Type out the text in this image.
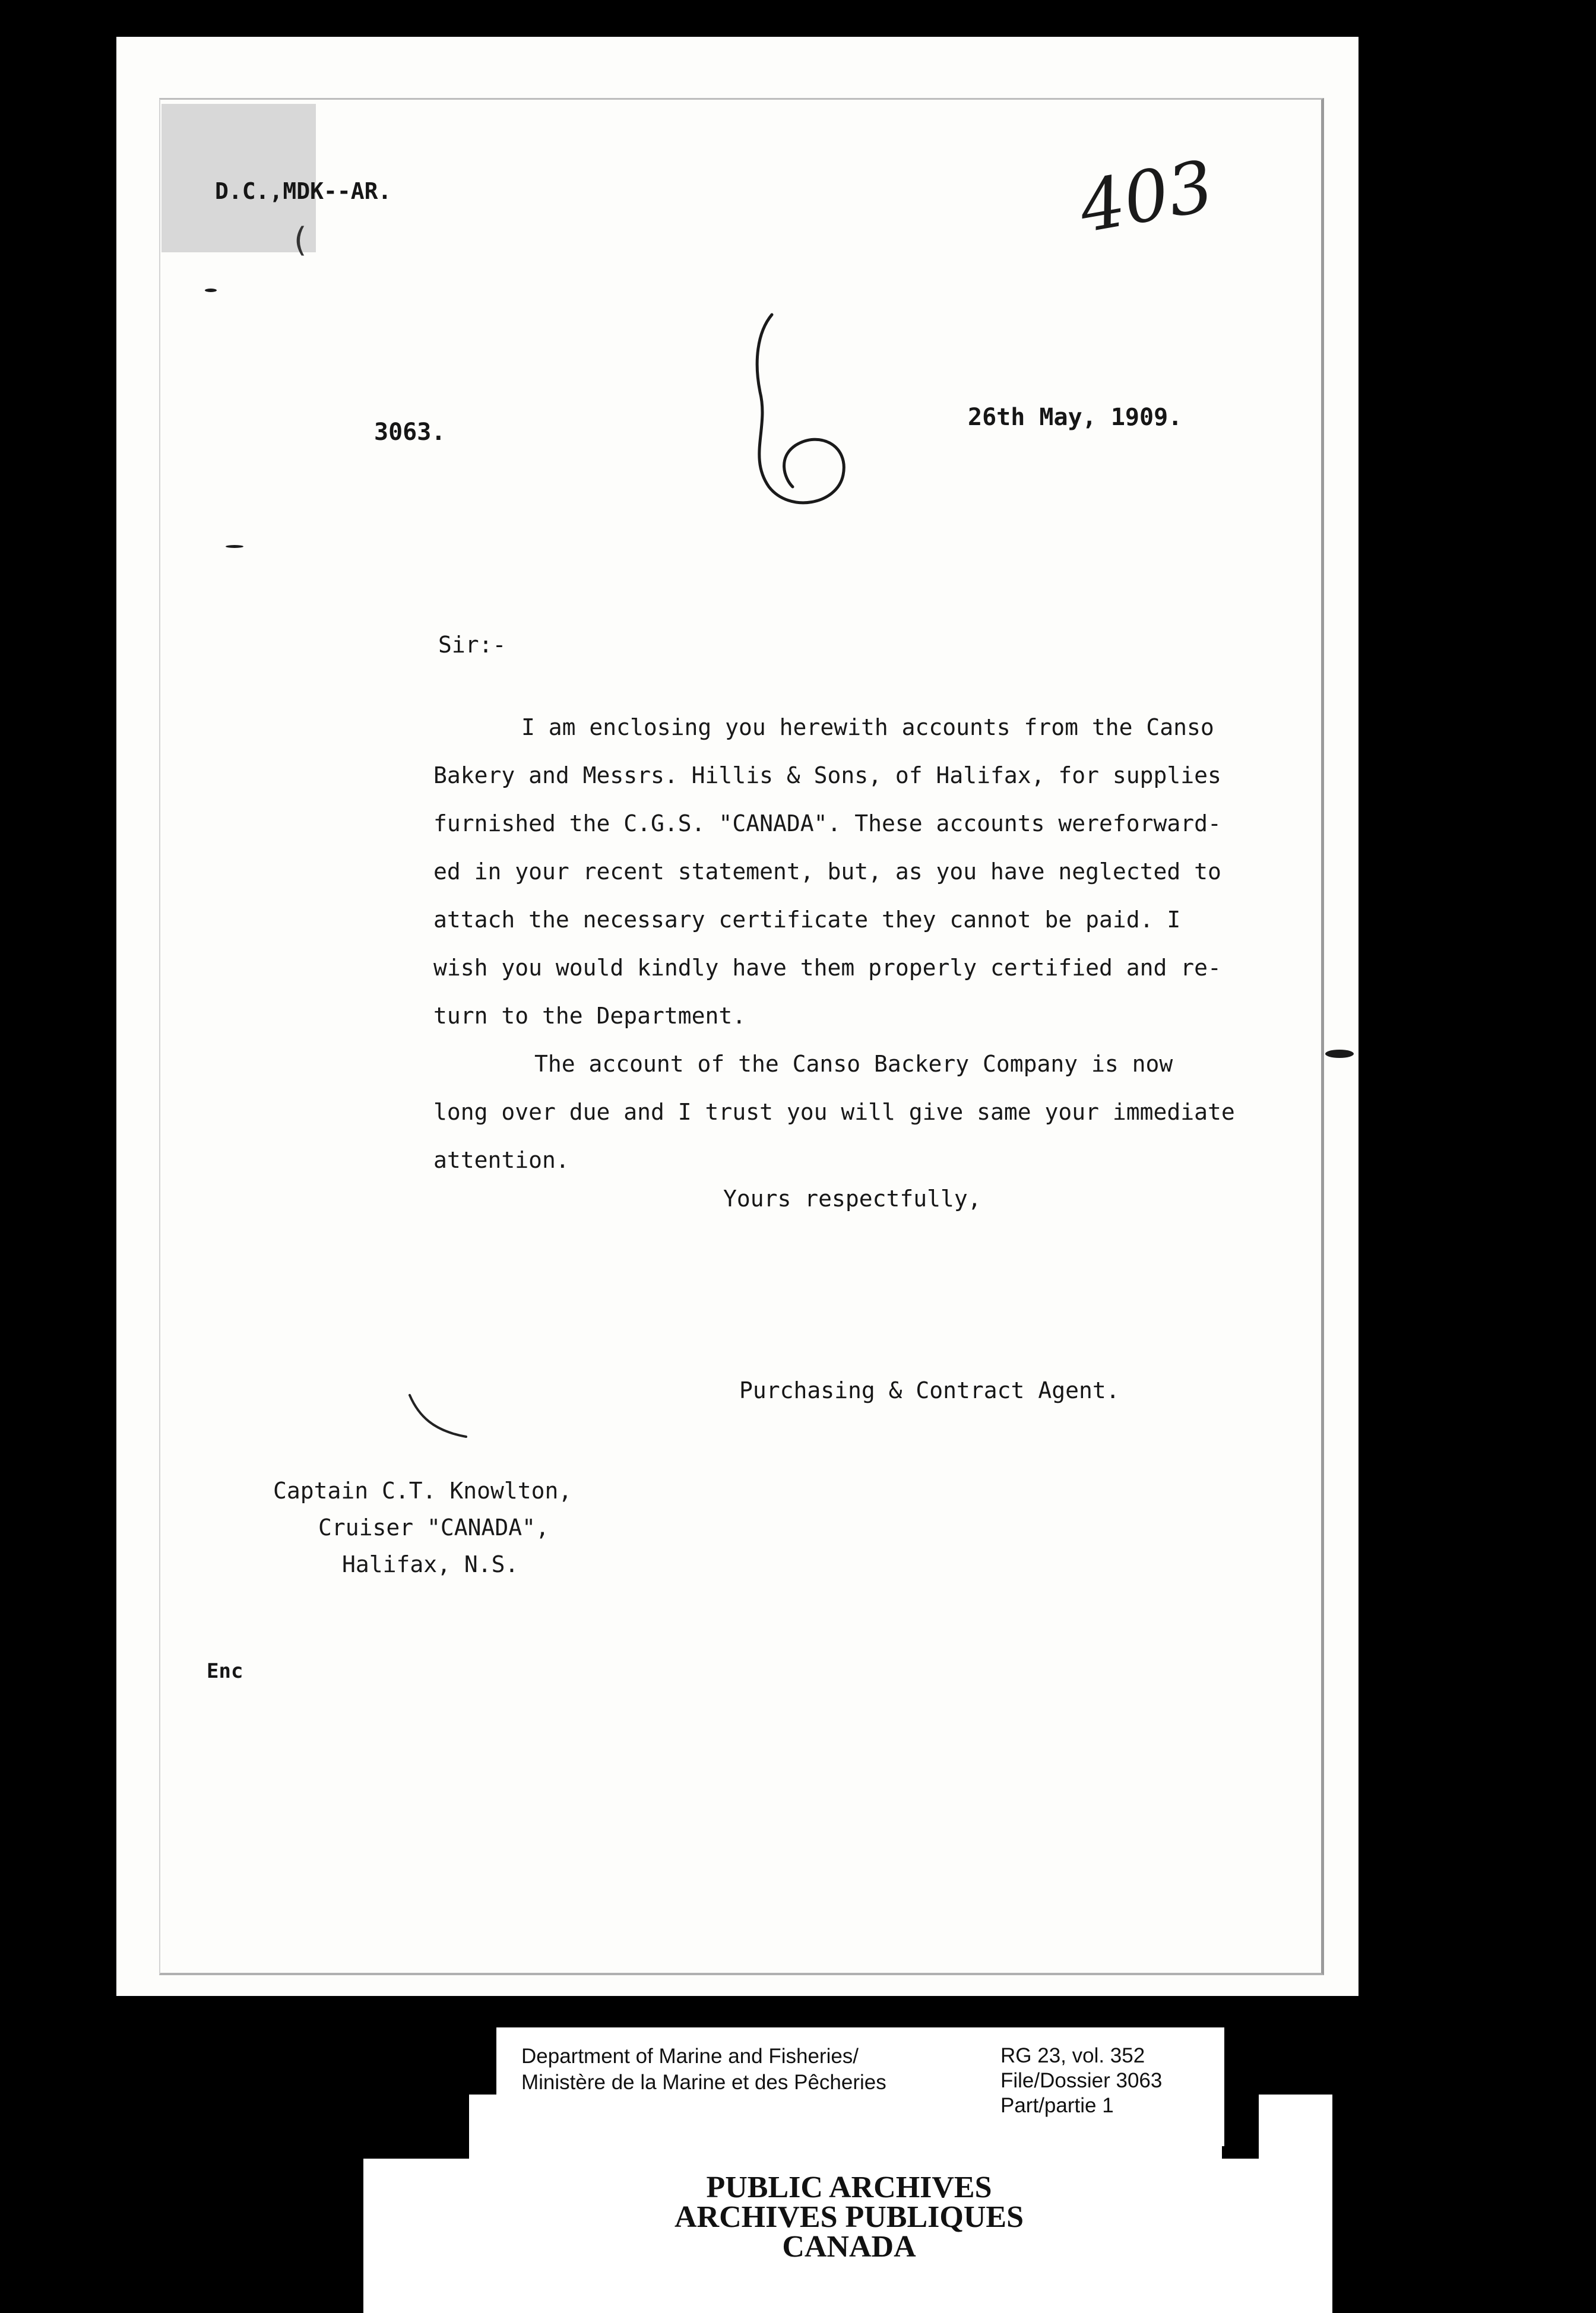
D.C.,MDK--AR.
(	403
3063.
26th May, 1909.
Sir:-
I am enclosing you herewith accounts from the Canso
Bakery and Messrs. Hillis & Sons, of Halifax, for supplies
furnished the C.G.S. "CANADA". These accounts wereforward-
ed in your recent statement, but, as you have neglected to
attach the necessary certificate they cannot be paid. I
wish you would kindly have them properly certified and re-
turn to the Department.
The account of the Canso Backery Company is now
long over due and I trust you will give same your immediate
attention.
Yours respectfully,
Purchasing & Contract Agent.
Captain C.T. Knowlton,
Cruiser "CANADA",
Halifax, N.S.
Enc
Department of Marine and Fisheries/
Ministère de la Marine et des Pêcheries
RG 23, vol. 352
File/Dossier 3063
Part/partie 1
PUBLIC ARCHIVES
ARCHIVES PUBLIQUES
CANADA
